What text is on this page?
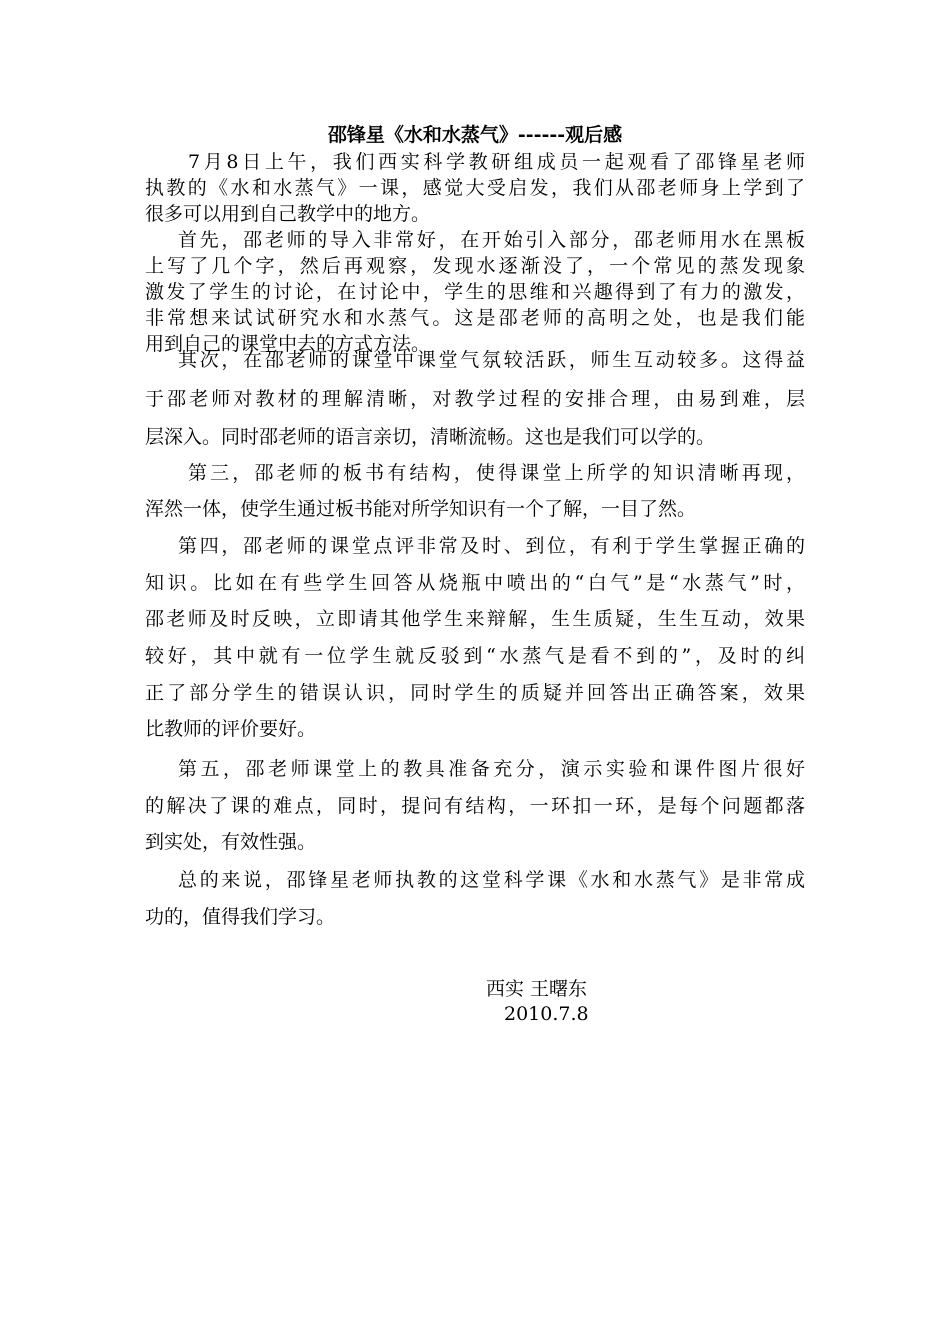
邵锋星《水和水蒸气》------观后感
7月8日上午，我们西实科学教研组成员一起观看了邵锋星老师
执教的《水和水蒸气》一课，感觉大受启发，我们从邵老师身上学到了
很多可以用到自己教学中的地方。
首先，邵老师的导入非常好，在开始引入部分，邵老师用水在黑板
上写了几个字，然后再观察，发现水逐渐没了，一个常见的蒸发现象
激发了学生的讨论，在讨论中，学生的思维和兴趣得到了有力的激发，
非常想来试试研究水和水蒸气。这是邵老师的高明之处，也是我们能
用到自己的课堂中去的方式方法。
其次，在邵老师的课堂中课堂气氛较活跃，师生互动较多。这得益
于邵老师对教材的理解清晰，对教学过程的安排合理，由易到难，层
层深入。同时邵老师的语言亲切，清晰流畅。这也是我们可以学的。
第三，邵老师的板书有结构，使得课堂上所学的知识清晰再现，
浑然一体，使学生通过板书能对所学知识有一个了解，一目了然。
第四，邵老师的课堂点评非常及时、到位，有利于学生掌握正确的
知识。比如在有些学生回答从烧瓶中喷出的“白气”是“水蒸气”时，
邵老师及时反映，立即请其他学生来辩解，生生质疑，生生互动，效果
较好，其中就有一位学生就反驳到“水蒸气是看不到的”，及时的纠
正了部分学生的错误认识，同时学生的质疑并回答出正确答案，效果
比教师的评价要好。
第五，邵老师课堂上的教具准备充分，演示实验和课件图片很好
的解决了课的难点，同时，提问有结构，一环扣一环，是每个问题都落
到实处，有效性强。
总的来说，邵锋星老师执教的这堂科学课《水和水蒸气》是非常成
功的，值得我们学习。
西实 王曙东
2010.7.8
